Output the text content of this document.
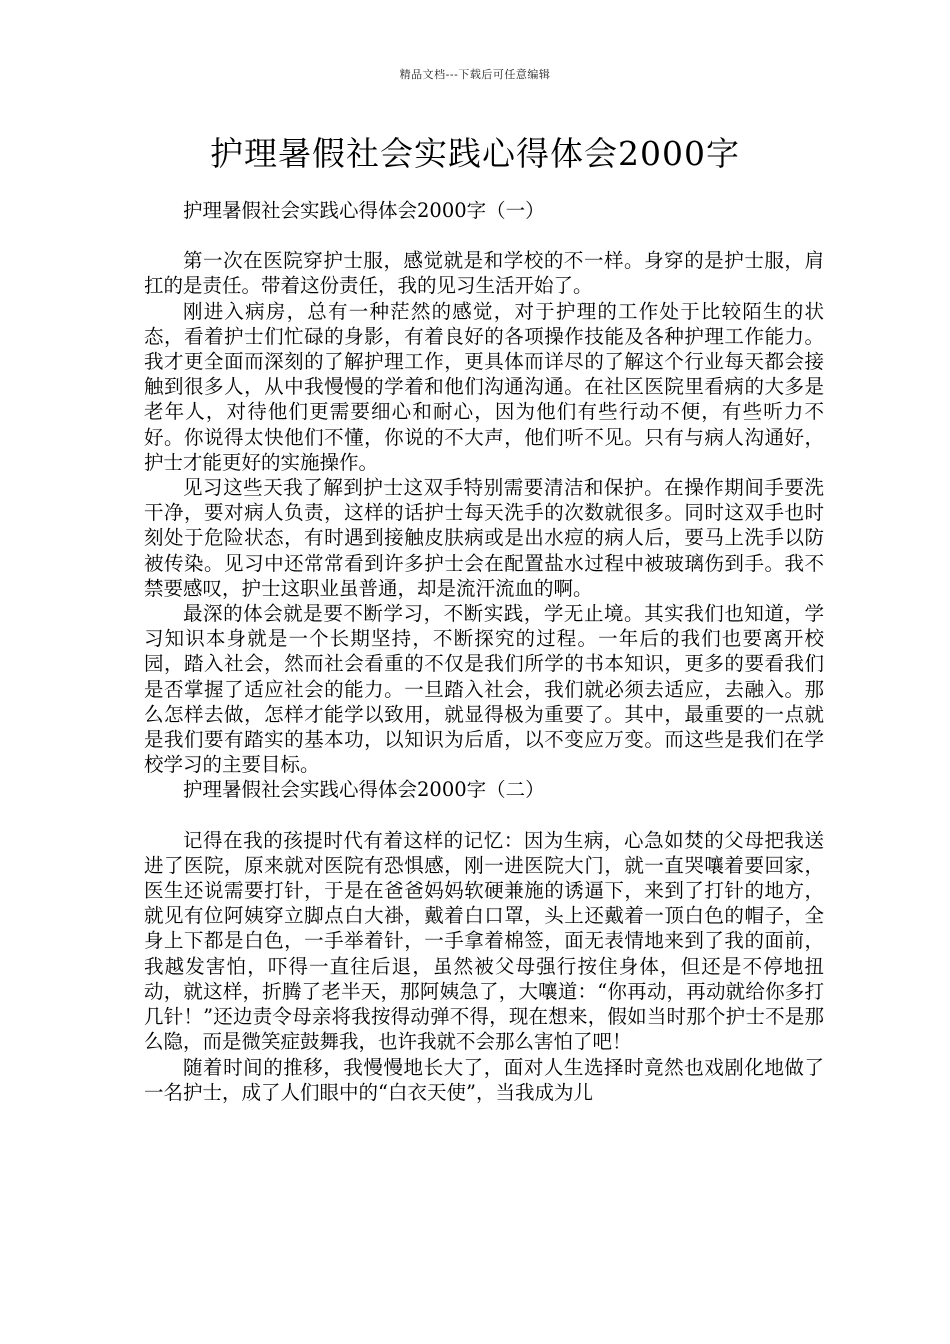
精品文档---下载后可任意编辑
护理暑假社会实践心得体会2000字

护理暑假社会实践心得体会2000字（一）

第一次在医院穿护士服，感觉就是和学校的不一样。身穿的是护士服，肩扛的是责任。带着这份责任，我的见习生活开始了。

刚进入病房，总有一种茫然的感觉，对于护理的工作处于比较陌生的状态，看着护士们忙碌的身影，有着良好的各项操作技能及各种护理工作能力。我才更全面而深刻的了解护理工作，更具体而详尽的了解这个行业每天都会接触到很多人，从中我慢慢的学着和他们沟通沟通。在社区医院里看病的大多是老年人，对待他们更需要细心和耐心，因为他们有些行动不便，有些听力不好。你说得太快他们不懂，你说的不大声，他们听不见。只有与病人沟通好，护士才能更好的实施操作。

见习这些天我了解到护士这双手特别需要清洁和保护。在操作期间手要洗干净，要对病人负责，这样的话护士每天洗手的次数就很多。同时这双手也时刻处于危险状态，有时遇到接触皮肤病或是出水痘的病人后，要马上洗手以防被传染。见习中还常常看到许多护士会在配置盐水过程中被玻璃伤到手。我不禁要感叹，护士这职业虽普通，却是流汗流血的啊。

最深的体会就是要不断学习，不断实践，学无止境。其实我们也知道，学习知识本身就是一个长期坚持，不断探究的过程。一年后的我们也要离开校园，踏入社会，然而社会看重的不仅是我们所学的书本知识，更多的要看我们是否掌握了适应社会的能力。一旦踏入社会，我们就必须去适应，去融入。那么怎样去做，怎样才能学以致用，就显得极为重要了。其中，最重要的一点就是我们要有踏实的基本功，以知识为后盾，以不变应万变。而这些是我们在学校学习的主要目标。

护理暑假社会实践心得体会2000字（二）

记得在我的孩提时代有着这样的记忆：因为生病，心急如焚的父母把我送进了医院，原来就对医院有恐惧感，刚一进医院大门，就一直哭嚷着要回家，医生还说需要打针，于是在爸爸妈妈软硬兼施的诱逼下，来到了打针的地方，就见有位阿姨穿立脚点白大褂，戴着白口罩，头上还戴着一顶白色的帽子，全身上下都是白色，一手举着针，一手拿着棉签，面无表情地来到了我的面前，我越发害怕，吓得一直往后退，虽然被父母强行按住身体，但还是不停地扭动，就这样，折腾了老半天，那阿姨急了，大嚷道：“你再动，再动就给你多打几针！”还边责令母亲将我按得动弹不得，现在想来，假如当时那个护士不是那么隐，而是微笑症鼓舞我，也许我就不会那么害怕了吧！

随着时间的推移，我慢慢地长大了，面对人生选择时竟然也戏剧化地做了一名护士，成了人们眼中的“白衣天使”，当我成为儿
